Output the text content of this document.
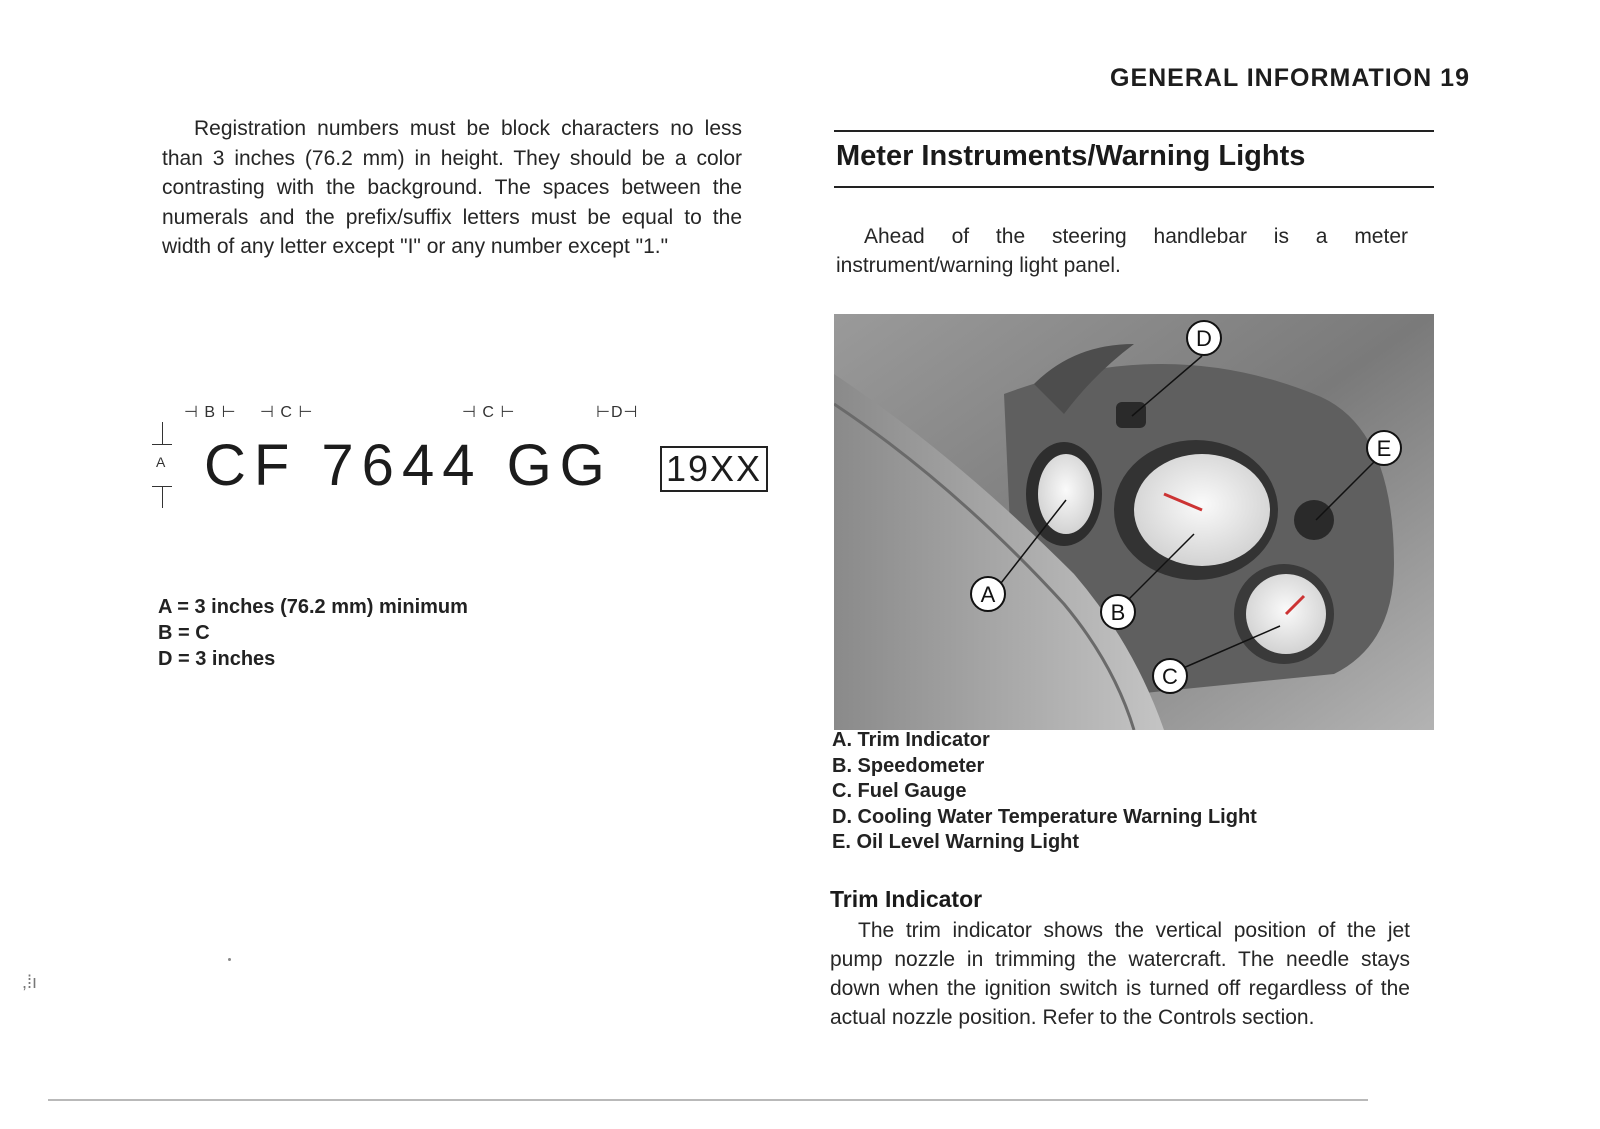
GENERAL INFORMATION 19
Registration numbers must be block characters no less than 3 inches (76.2 mm) in height. They should be a color contrasting with the background. The spaces between the numerals and the prefix/suffix letters must be equal to the width of any letter except "I" or any number except "1."
⊣ B ⊢ ⊣ C ⊢	⊣ C ⊢	⊢D⊣
A CF 7644 GG 19XX
A = 3 inches (76.2 mm) minimum
B = C
D = 3 inches
,⁞ı
Meter Instruments/Warning Lights
Ahead of the steering handlebar is a meter instrument/warning light panel.
D
E
A
B
C
A. Trim Indicator
B. Speedometer
C. Fuel Gauge
D. Cooling Water Temperature Warning Light
E. Oil Level Warning Light
Trim Indicator
The trim indicator shows the vertical position of the jet pump nozzle in trimming the watercraft. The needle stays down when the ignition switch is turned off regardless of the actual nozzle position. Refer to the Controls section.
